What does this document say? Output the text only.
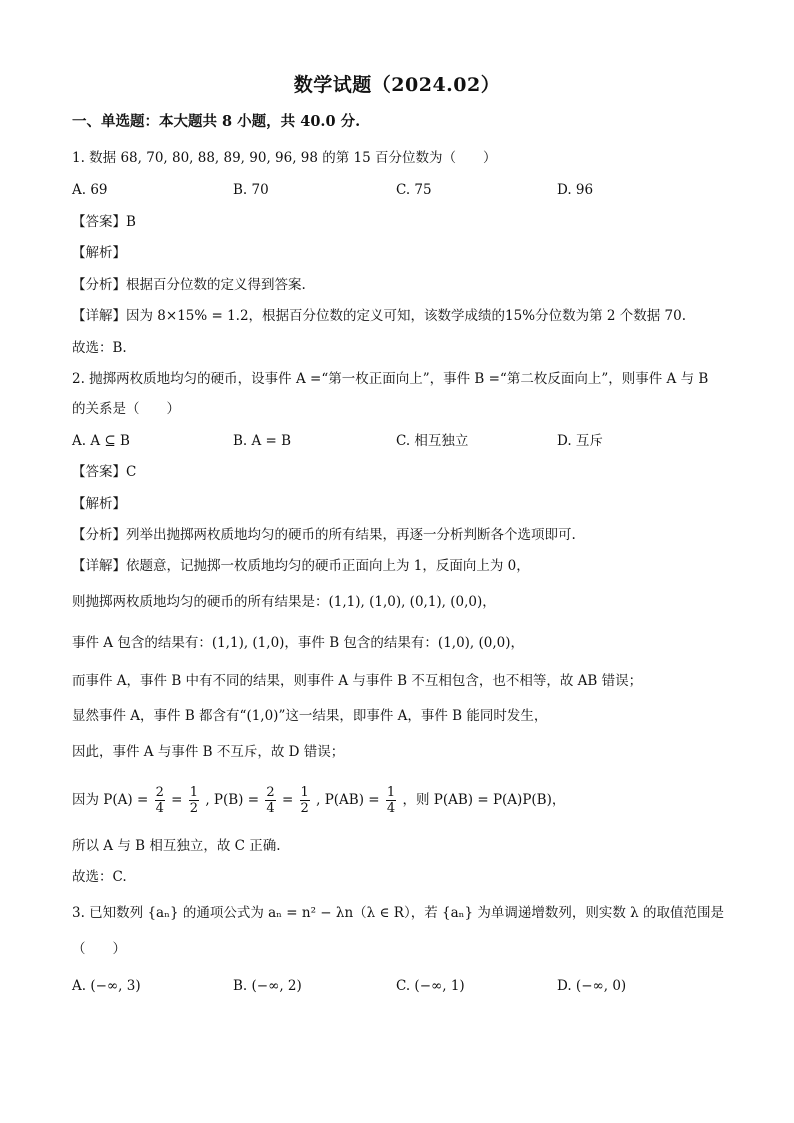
数学试题（2024.02）
一、单选题：本大题共 8 小题，共 40.0 分.
1. 数据 68, 70, 80, 88, 89, 90, 96, 98 的第 15 百分位数为（　　）
A. 69	B. 70	C. 75	D. 96
【答案】B
【解析】
【分析】根据百分位数的定义得到答案.
【详解】因为 8×15% = 1.2，根据百分位数的定义可知，该数学成绩的15%分位数为第 2 个数据 70.
故选：B.
2. 抛掷两枚质地均匀的硬币，设事件 A =“第一枚正面向上”，事件 B =“第二枚反面向上”，则事件 A 与 B
的关系是（　　）
A. A ⊆ B	B. A = B	C. 相互独立	D. 互斥
【答案】C
【解析】
【分析】列举出抛掷两枚质地均匀的硬币的所有结果，再逐一分析判断各个选项即可.
【详解】依题意，记抛掷一枚质地均匀的硬币正面向上为 1，反面向上为 0，
则抛掷两枚质地均匀的硬币的所有结果是：(1,1), (1,0), (0,1), (0,0)，
事件 A 包含的结果有：(1,1), (1,0)，事件 B 包含的结果有：(1,0), (0,0)，
而事件 A，事件 B 中有不同的结果，则事件 A 与事件 B 不互相包含，也不相等，故 AB 错误；
显然事件 A，事件 B 都含有“(1,0)”这一结果，即事件 A，事件 B 能同时发生，
因此，事件 A 与事件 B 不互斥，故 D 错误；
因为 $P(A) = \frac{2}{4} = \frac{1}{2}$ , $P(B) = \frac{2}{4} = \frac{1}{2}$ , $P(AB) = \frac{1}{4}$ ，则 P(AB) = P(A)P(B)，
所以 A 与 B 相互独立，故 C 正确.
故选：C.
3. 已知数列 {aₙ} 的通项公式为 aₙ = n² − λn（λ ∈ R），若 {aₙ} 为单调递增数列，则实数 λ 的取值范围是
（　　）
A. (−∞, 3)	B. (−∞, 2)	C. (−∞, 1)	D. (−∞, 0)
